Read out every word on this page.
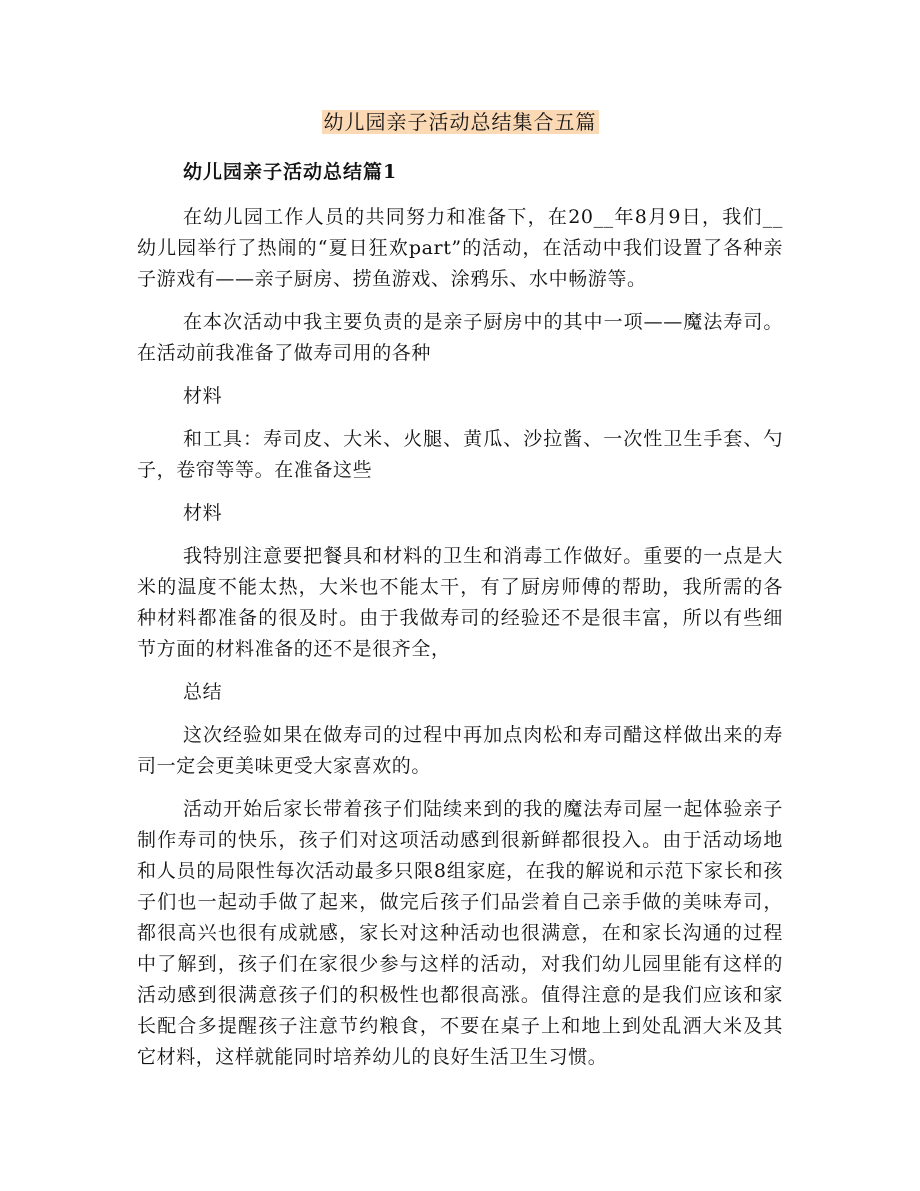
幼儿园亲子活动总结集合五篇
幼儿园亲子活动总结篇1

在幼儿园工作人员的共同努力和准备下，在20__年8月9日，我们__幼儿园举行了热闹的“夏日狂欢part”的活动，在活动中我们设置了各种亲子游戏有——亲子厨房、捞鱼游戏、涂鸦乐、水中畅游等。

在本次活动中我主要负责的是亲子厨房中的其中一项——魔法寿司。在活动前我准备了做寿司用的各种

材料

和工具：寿司皮、大米、火腿、黄瓜、沙拉酱、一次性卫生手套、勺子，卷帘等等。在准备这些

材料

我特别注意要把餐具和材料的卫生和消毒工作做好。重要的一点是大米的温度不能太热，大米也不能太干，有了厨房师傅的帮助，我所需的各种材料都准备的很及时。由于我做寿司的经验还不是很丰富，所以有些细节方面的材料准备的还不是很齐全，

总结

这次经验如果在做寿司的过程中再加点肉松和寿司醋这样做出来的寿司一定会更美味更受大家喜欢的。

活动开始后家长带着孩子们陆续来到的我的魔法寿司屋一起体验亲子制作寿司的快乐，孩子们对这项活动感到很新鲜都很投入。由于活动场地和人员的局限性每次活动最多只限8组家庭，在我的解说和示范下家长和孩子们也一起动手做了起来，做完后孩子们品尝着自己亲手做的美味寿司，都很高兴也很有成就感，家长对这种活动也很满意，在和家长沟通的过程中了解到，孩子们在家很少参与这样的活动，对我们幼儿园里能有这样的活动感到很满意孩子们的积极性也都很高涨。值得注意的是我们应该和家长配合多提醒孩子注意节约粮食，不要在桌子上和地上到处乱洒大米及其它材料，这样就能同时培养幼儿的良好生活卫生习惯。
